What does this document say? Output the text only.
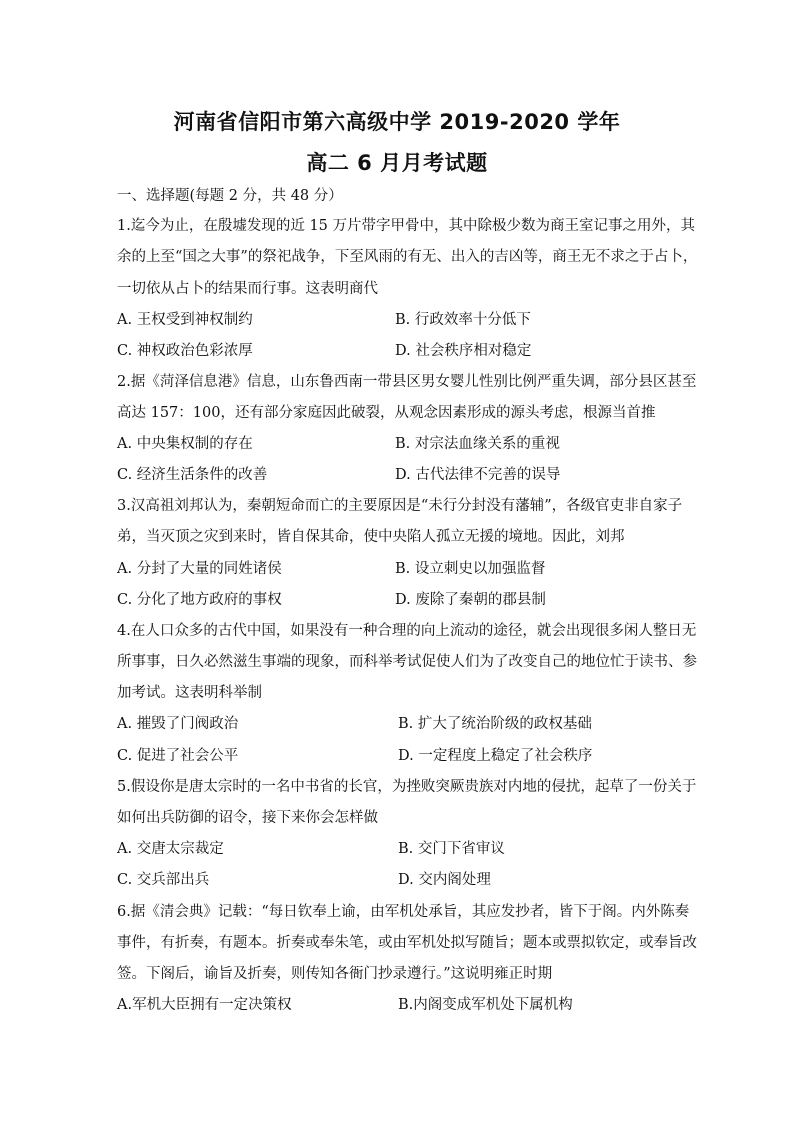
河南省信阳市第六高级中学 2019-2020 学年
高二 6 月月考试题
一、选择题(每题 2 分，共 48 分）
1.迄今为止，在殷墟发现的近 15 万片带字甲骨中，其中除极少数为商王室记事之用外，其
余的上至“国之大事”的祭祀战争，下至风雨的有无、出入的吉凶等，商王无不求之于占卜，
一切依从占卜的结果而行事。这表明商代
A. 王权受到神权制约	B. 行政效率十分低下
C. 神权政治色彩浓厚	D. 社会秩序相对稳定
2.据《菏泽信息港》信息，山东鲁西南一带县区男女婴儿性别比例严重失调，部分县区甚至
高达 157：100，还有部分家庭因此破裂，从观念因素形成的源头考虑，根源当首推
A. 中央集权制的存在	B. 对宗法血缘关系的重视
C. 经济生活条件的改善	D. 古代法律不完善的误导
3.汉高祖刘邦认为，秦朝短命而亡的主要原因是“未行分封没有藩辅”，各级官吏非自家子
弟，当灭顶之灾到来时，皆自保其命，使中央陷人孤立无援的境地。因此，刘邦
A. 分封了大量的同姓诸侯	B. 设立刺史以加强监督
C. 分化了地方政府的事权	D. 废除了秦朝的郡县制
4.在人口众多的古代中国，如果没有一种合理的向上流动的途径，就会出现很多闲人整日无
所事事，日久必然滋生事端的现象，而科举考试促使人们为了改变自己的地位忙于读书、参
加考试。这表明科举制
A. 摧毁了门阀政治	B. 扩大了统治阶级的政权基础
C. 促进了社会公平	D. 一定程度上稳定了社会秩序
5.假设你是唐太宗时的一名中书省的长官，为挫败突厥贵族对内地的侵扰，起草了一份关于
如何出兵防御的诏令，接下来你会怎样做
A. 交唐太宗裁定	B. 交门下省审议
C. 交兵部出兵	D. 交内阁处理
6.据《清会典》记载：“每日钦奉上谕，由军机处承旨，其应发抄者，皆下于阁。内外陈奏
事件，有折奏，有题本。折奏或奉朱笔，或由军机处拟写随旨；题本或票拟钦定，或奉旨改
签。下阁后，谕旨及折奏，则传知各衙门抄录遵行。”这说明雍正时期
A.军机大臣拥有一定决策权	B.内阁变成军机处下属机构
